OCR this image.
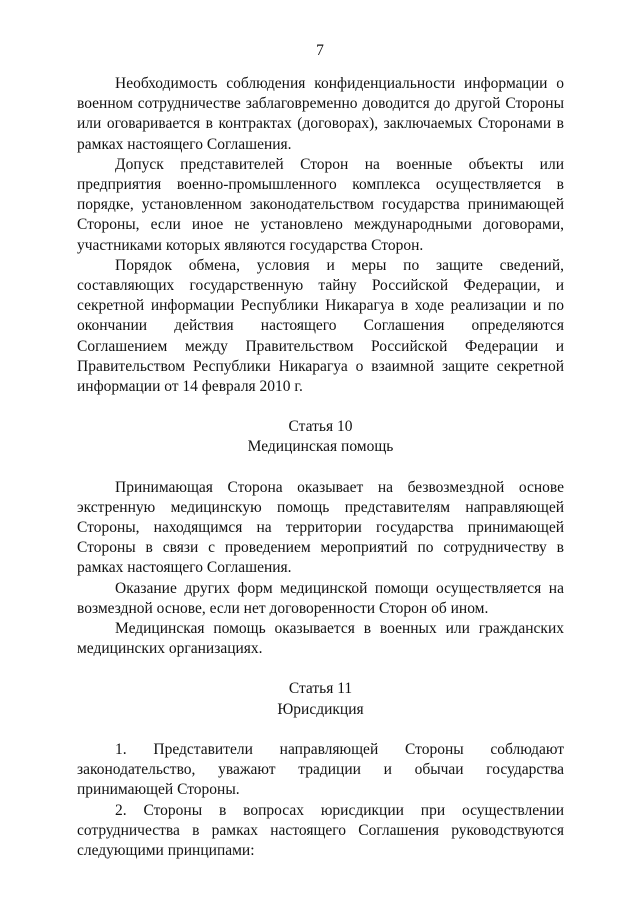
7

Необходимость соблюдения конфиденциальности информации о военном сотрудничестве заблаговременно доводится до другой Стороны или оговаривается в контрактах (договорах), заключаемых Сторонами в рамках настоящего Соглашения.

Допуск представителей Сторон на военные объекты или предприятия военно-промышленного комплекса осуществляется в порядке, установленном законодательством государства принимающей Стороны, если иное не установлено международными договорами, участниками которых являются государства Сторон.

Порядок обмена, условия и меры по защите сведений, составляющих государственную тайну Российской Федерации, и секретной информации Республики Никарагуа в ходе реализации и по окончании действия настоящего Соглашения определяются Соглашением между Правительством Российской Федерации и Правительством Республики Никарагуа о взаимной защите секретной информации от 14 февраля 2010 г.

Статья 10
Медицинская помощь

Принимающая Сторона оказывает на безвозмездной основе экстренную медицинскую помощь представителям направляющей Стороны, находящимся на территории государства принимающей Стороны в связи с проведением мероприятий по сотрудничеству в рамках настоящего Соглашения.

Оказание других форм медицинской помощи осуществляется на возмездной основе, если нет договоренности Сторон об ином.

Медицинская помощь оказывается в военных или гражданских медицинских организациях.

Статья 11
Юрисдикция

1. Представители направляющей Стороны соблюдают законодательство, уважают традиции и обычаи государства принимающей Стороны.

2. Стороны в вопросах юрисдикции при осуществлении сотрудничества в рамках настоящего Соглашения руководствуются следующими принципами:
